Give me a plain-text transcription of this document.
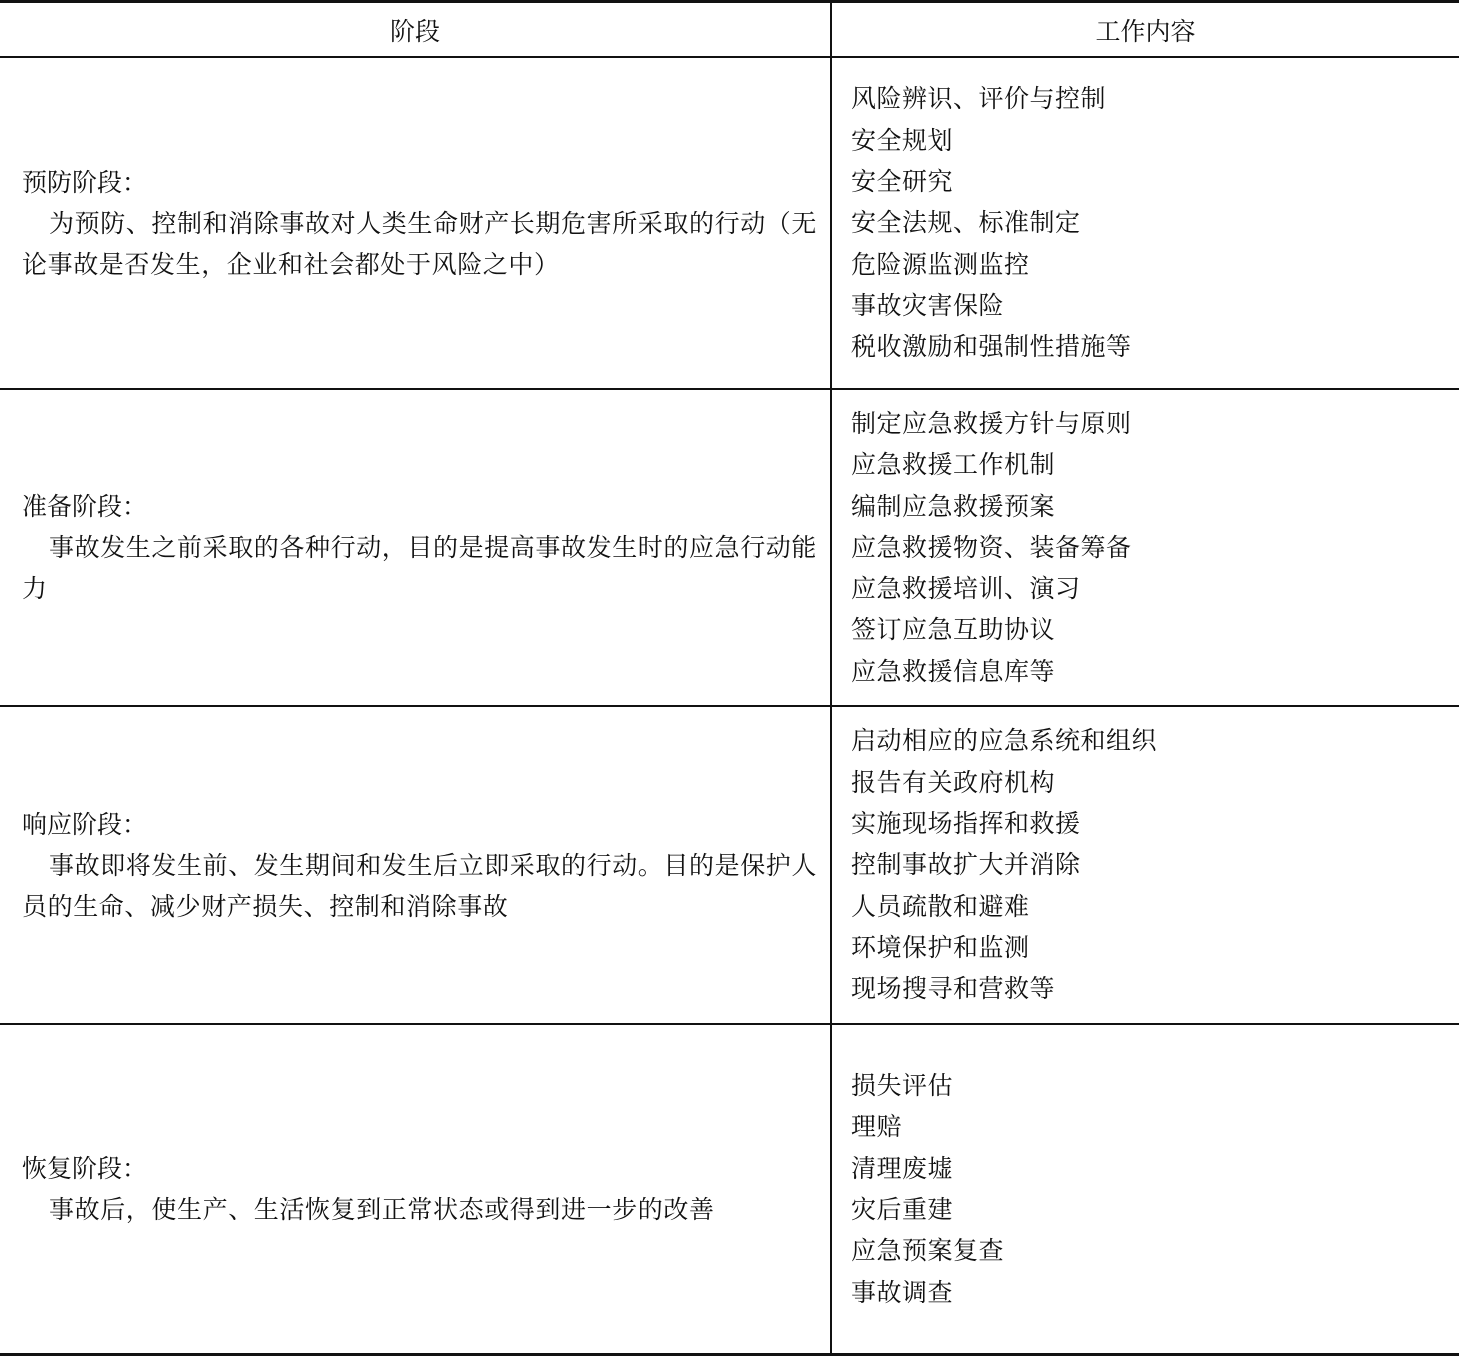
阶段	工作内容
预防阶段：
为预防、控制和消除事故对人类生命财产长期危害所采取的行动（无论事故是否发生，企业和社会都处于风险之中）
风险辨识、评价与控制
安全规划
安全研究
安全法规、标准制定
危险源监测监控
事故灾害保险
税收激励和强制性措施等
准备阶段：
事故发生之前采取的各种行动，目的是提高事故发生时的应急行动能力
制定应急救援方针与原则
应急救援工作机制
编制应急救援预案
应急救援物资、装备筹备
应急救援培训、演习
签订应急互助协议
应急救援信息库等
响应阶段：
事故即将发生前、发生期间和发生后立即采取的行动。目的是保护人员的生命、减少财产损失、控制和消除事故
启动相应的应急系统和组织
报告有关政府机构
实施现场指挥和救援
控制事故扩大并消除
人员疏散和避难
环境保护和监测
现场搜寻和营救等
恢复阶段：
事故后，使生产、生活恢复到正常状态或得到进一步的改善
损失评估
理赔
清理废墟
灾后重建
应急预案复查
事故调查
